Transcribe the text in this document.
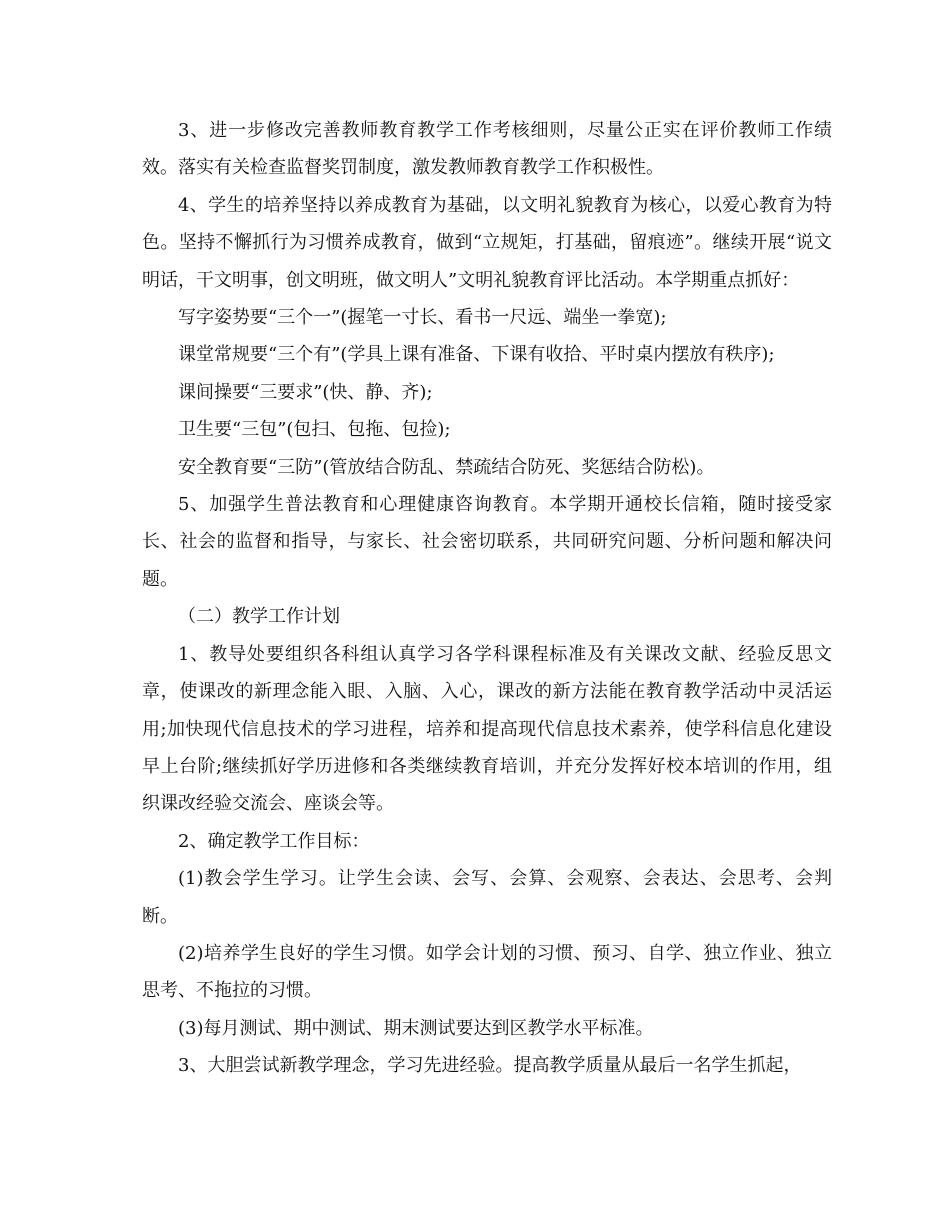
3、进一步修改完善教师教育教学工作考核细则，尽量公正实在评价教师工作绩效。落实有关检查监督奖罚制度，激发教师教育教学工作积极性。

4、学生的培养坚持以养成教育为基础，以文明礼貌教育为核心，以爱心教育为特色。坚持不懈抓行为习惯养成教育，做到“立规矩，打基础，留痕迹”。继续开展“说文明话，干文明事，创文明班，做文明人”文明礼貌教育评比活动。本学期重点抓好：

写字姿势要“三个一”(握笔一寸长、看书一尺远、端坐一拳宽);

课堂常规要“三个有”(学具上课有准备、下课有收拾、平时桌内摆放有秩序);

课间操要“三要求”(快、静、齐);

卫生要“三包”(包扫、包拖、包捡);

安全教育要“三防”(管放结合防乱、禁疏结合防死、奖惩结合防松)。

5、加强学生普法教育和心理健康咨询教育。本学期开通校长信箱，随时接受家长、社会的监督和指导，与家长、社会密切联系，共同研究问题、分析问题和解决问题。

（二）教学工作计划

1、教导处要组织各科组认真学习各学科课程标准及有关课改文献、经验反思文章，使课改的新理念能入眼、入脑、入心，课改的新方法能在教育教学活动中灵活运用;加快现代信息技术的学习进程，培养和提高现代信息技术素养，使学科信息化建设早上台阶;继续抓好学历进修和各类继续教育培训，并充分发挥好校本培训的作用，组织课改经验交流会、座谈会等。

2、确定教学工作目标：

(1)教会学生学习。让学生会读、会写、会算、会观察、会表达、会思考、会判断。

(2)培养学生良好的学生习惯。如学会计划的习惯、预习、自学、独立作业、独立思考、不拖拉的习惯。

(3)每月测试、期中测试、期末测试要达到区教学水平标准。

3、大胆尝试新教学理念，学习先进经验。提高教学质量从最后一名学生抓起，
